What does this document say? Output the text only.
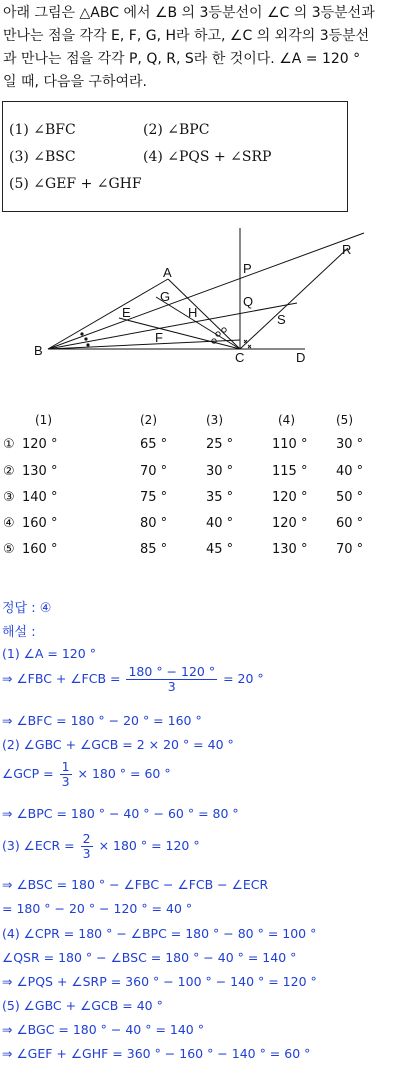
아래 그림은 △ABC 에서 ∠B 의 3등분선이 ∠C 의 3등분선과
만나는 점을 각각 E, F, G, H라 하고, ∠C 의 외각의 3등분선
과 만나는 점을 각각 P, Q, R, S라 한 것이다. ∠A = 120 °
일 때, 다음을 구하여라.
(1) ∠BFC	(2) ∠BPC
(3) ∠BSC	(4) ∠PQS + ∠SRP
(5) ∠GEF + ∠GHF
A
G
E	H
F
B	C	D
P
Q
S
R
(1)	(2)	(3)	(4)	(5)
① 120 °	65 °	25 °	110 ° 30 °
② 130 °	70 °	30 °	115 ° 40 °
③ 140 °	75 °	35 °	120 ° 50 °
④ 160 °	80 °	40 °	120 ° 60 °
⑤ 160 °	85 °	45 °	130 ° 70 °
정답 : ④
해설 :
(1) ∠A = 120 °
⇒ ∠FBC + ∠FCB = $\frac{180 ^\circ - 120 ^\circ}{3} = 20$ °
⇒ ∠BFC = 180 ° − 20 ° = 160 °
(2) ∠GBC + ∠GCB = 2 × 20 ° = 40 °
∠GCP = $\frac{1}{3} \times 180$ ° = 60 °
⇒ ∠BPC = 180 ° − 40 ° − 60 ° = 80 °
(3) ∠ECR = $\frac{2}{3} \times 180$ ° = 120 °
⇒ ∠BSC = 180 ° − ∠FBC − ∠FCB − ∠ECR
= 180 ° − 20 ° − 120 ° = 40 °
(4) ∠CPR = 180 ° − ∠BPC = 180 ° − 80 ° = 100 °
∠QSR = 180 ° − ∠BSC = 180 ° − 40 ° = 140 °
⇒ ∠PQS + ∠SRP = 360 ° − 100 ° − 140 ° = 120 °
(5) ∠GBC + ∠GCB = 40 °
⇒ ∠BGC = 180 ° − 40 ° = 140 °
⇒ ∠GEF + ∠GHF = 360 ° − 160 ° − 140 ° = 60 °
